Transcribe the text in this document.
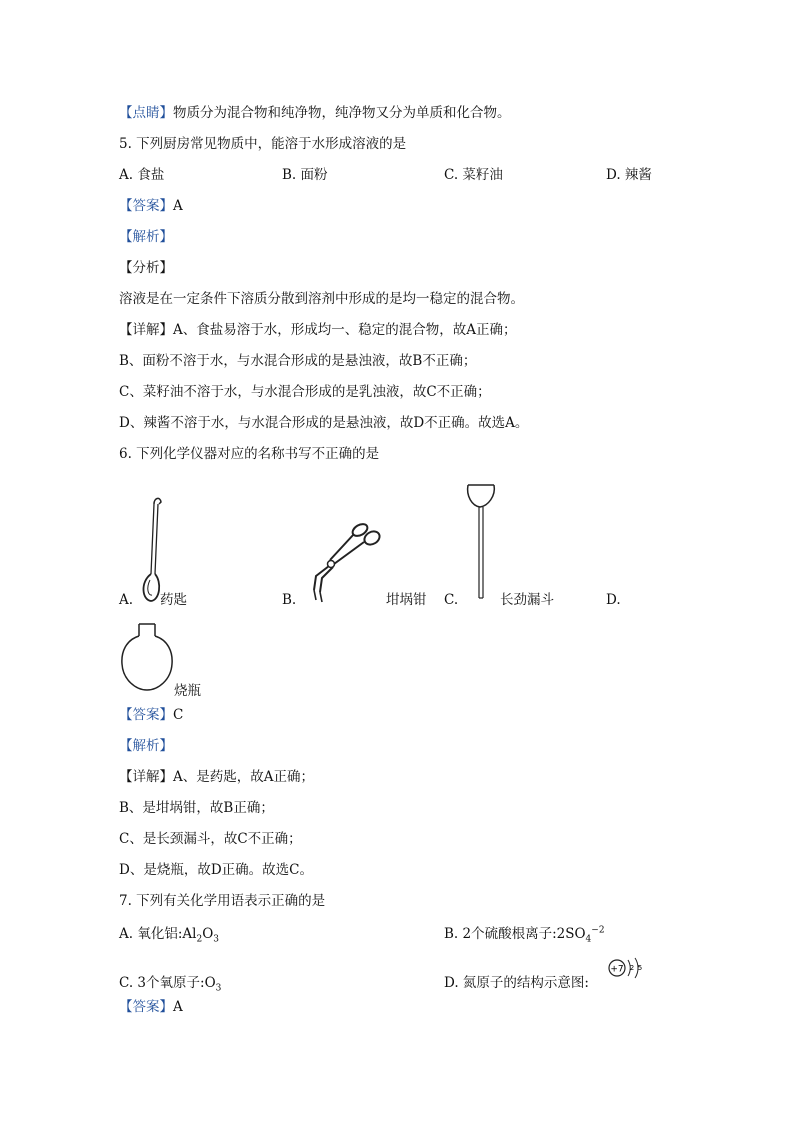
【点睛】物质分为混合物和纯净物，纯净物又分为单质和化合物。
5. 下列厨房常见物质中，能溶于水形成溶液的是
A. 食盐	B. 面粉	C. 菜籽油	D. 辣酱
【答案】A
【解析】
【分析】
溶液是在一定条件下溶质分散到溶剂中形成的是均一稳定的混合物。
【详解】A、食盐易溶于水，形成均一、稳定的混合物，故A正确；
B、面粉不溶于水，与水混合形成的是悬浊液，故B不正确；
C、菜籽油不溶于水，与水混合形成的是乳浊液，故C不正确；
D、辣酱不溶于水，与水混合形成的是悬浊液，故D不正确。故选A。
6. 下列化学仪器对应的名称书写不正确的是
A. 药匙	B.	坩埚钳 C.	长劲漏斗	D.
烧瓶
【答案】C
【解析】
【详解】A、是药匙，故A正确；
B、是坩埚钳，故B正确；
C、是长颈漏斗，故C不正确；
D、是烧瓶，故D正确。故选C。
7. 下列有关化学用语表示正确的是
A. 氧化铝$:Al_2O_3$	B. 2个硫酸根离子$:2SO_4^{-2}$
C. 3个氧原子$:O_3$	D. 氮原子的结构示意图:
+7 2 5
【答案】A
